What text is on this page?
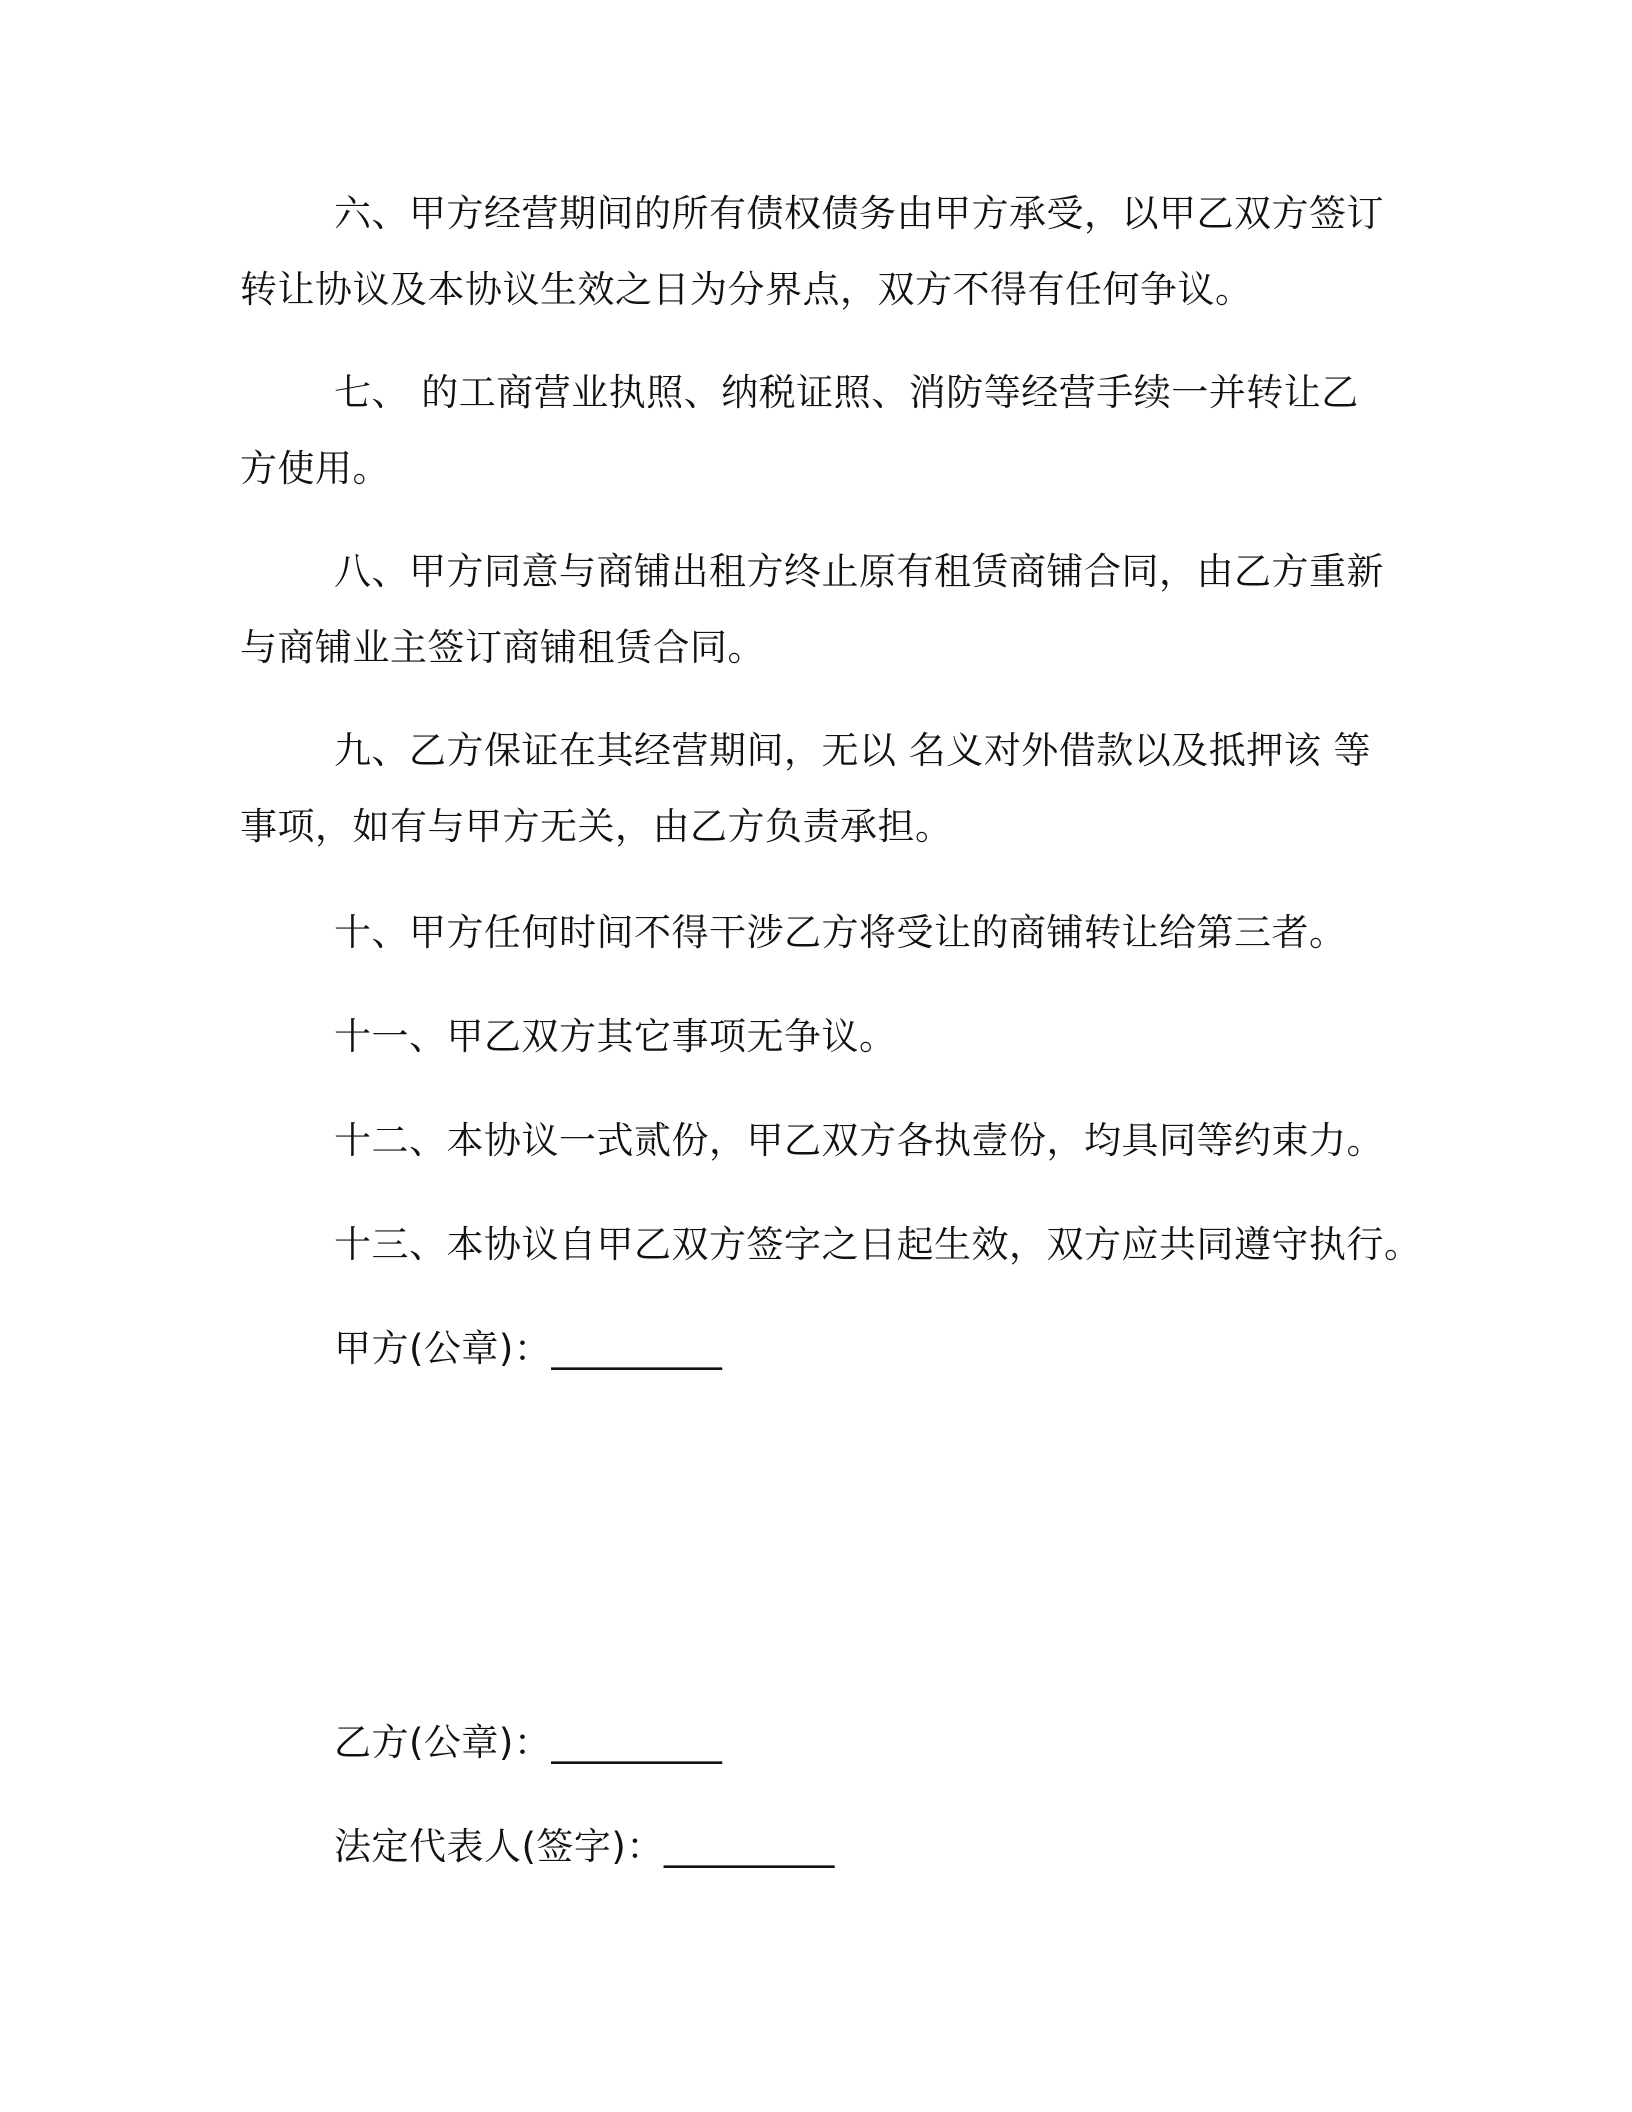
六、甲方经营期间的所有债权债务由甲方承受，以甲乙双方签订转让协议及本协议生效之日为分界点，双方不得有任何争议。
七、 的工商营业执照、纳税证照、消防等经营手续一并转让乙方使用。
八、甲方同意与商铺出租方终止原有租赁商铺合同，由乙方重新与商铺业主签订商铺租赁合同。
九、乙方保证在其经营期间，无以 名义对外借款以及抵押该 等事项，如有与甲方无关，由乙方负责承担。
十、甲方任何时间不得干涉乙方将受让的商铺转让给第三者。
十一、甲乙双方其它事项无争议。
十二、本协议一式贰份，甲乙双方各执壹份，均具同等约束力。
十三、本协议自甲乙双方签字之日起生效，双方应共同遵守执行。
甲方(公章)：_________
乙方(公章)：_________
法定代表人(签字)：_________
